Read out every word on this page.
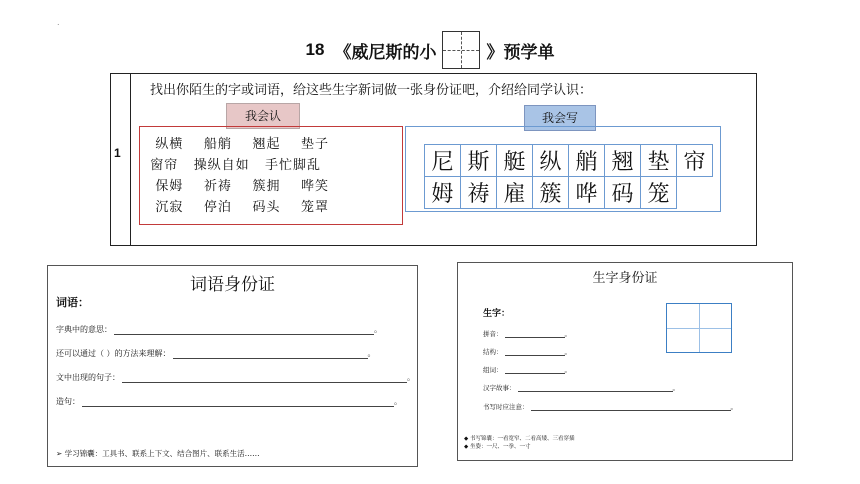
.
18 《威尼斯的小	》预学单
1
找出你陌生的字或词语，给这些生字新词做一张身份证吧，介绍给同学认识：
我会认
纵横    船艄    翘起    垫子
窗帘   操纵自如   手忙脚乱
保姆    祈祷    簇拥    哗笑
沉寂    停泊    码头    笼罩
我会写
尼 斯 艇 纵 艄 翘 垫 帘
姆 祷 雇 簇 哗 码 笼
词语身份证
词语：
字典中的意思：	。
还可以通过（ ）的方法来理解：	。
文中出现的句子：	。
造句：	。
➢ 学习锦囊：工具书、联系上下文、结合图片、联系生活……
生字身份证
生字：
拼音：	。
结构：	。
组词：	。
汉字故事：	。
书写时应注意：	。
◆ 书写锦囊：一看宽窄、二看高矮、三看穿插
◆ 坐姿：一尺、一拳、一寸
